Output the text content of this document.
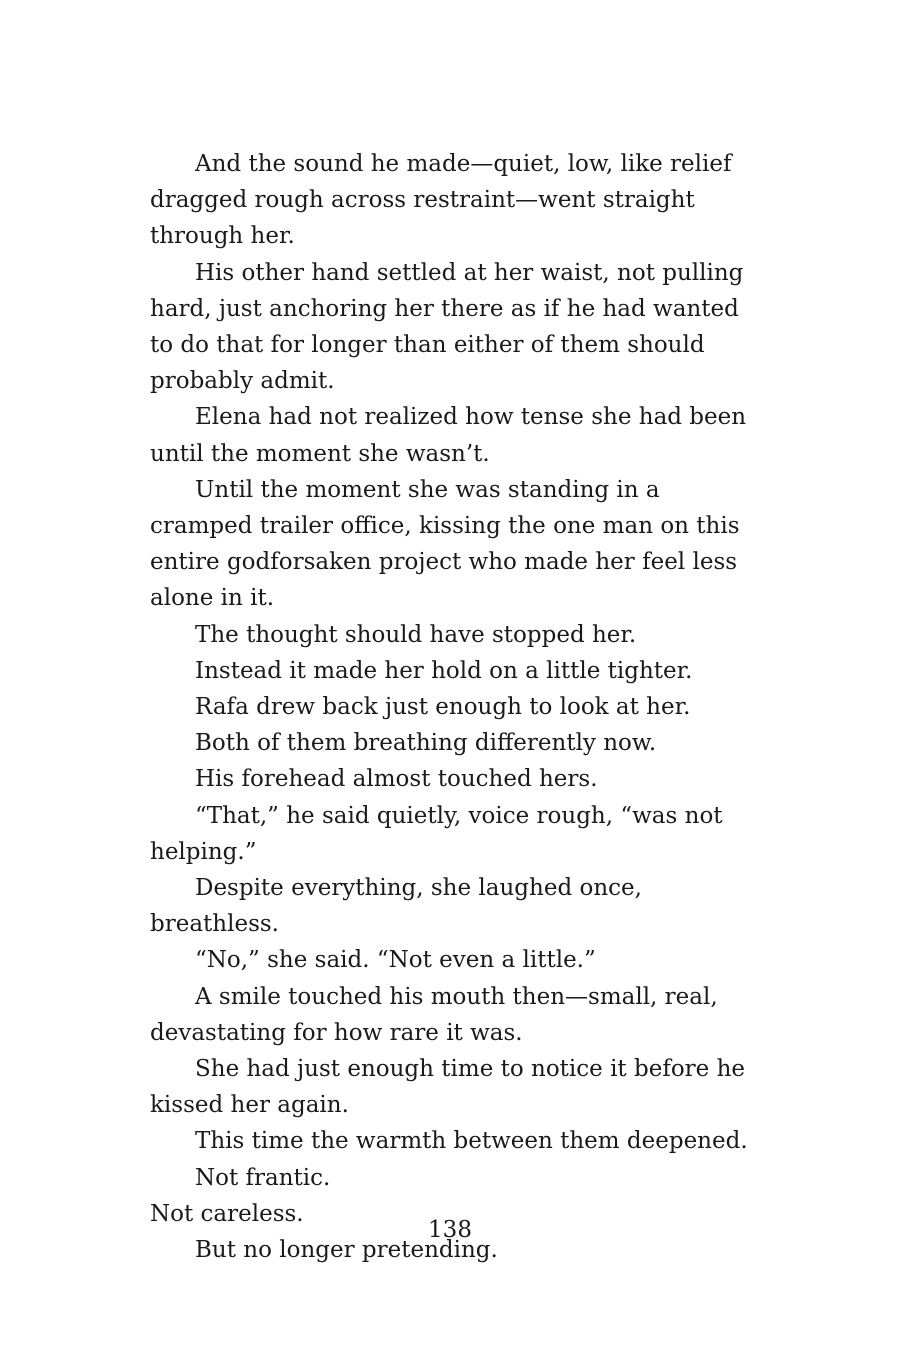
And the sound he made—quiet, low, like relief dragged rough across restraint—went straight through her.

His other hand settled at her waist, not pulling hard, just anchoring her there as if he had wanted to do that for longer than either of them should probably admit.

Elena had not realized how tense she had been until the moment she wasn’t.

Until the moment she was standing in a cramped trailer office, kissing the one man on this entire godforsaken project who made her feel less alone in it.

The thought should have stopped her.

Instead it made her hold on a little tighter.

Rafa drew back just enough to look at her.

Both of them breathing differently now.

His forehead almost touched hers.

“That,” he said quietly, voice rough, “was not helping.”

Despite everything, she laughed once, breathless.

“No,” she said. “Not even a little.”

A smile touched his mouth then—small, real, devastating for how rare it was.

She had just enough time to notice it before he kissed her again.

This time the warmth between them deepened.

Not frantic.

Not careless.

But no longer pretending.

138
